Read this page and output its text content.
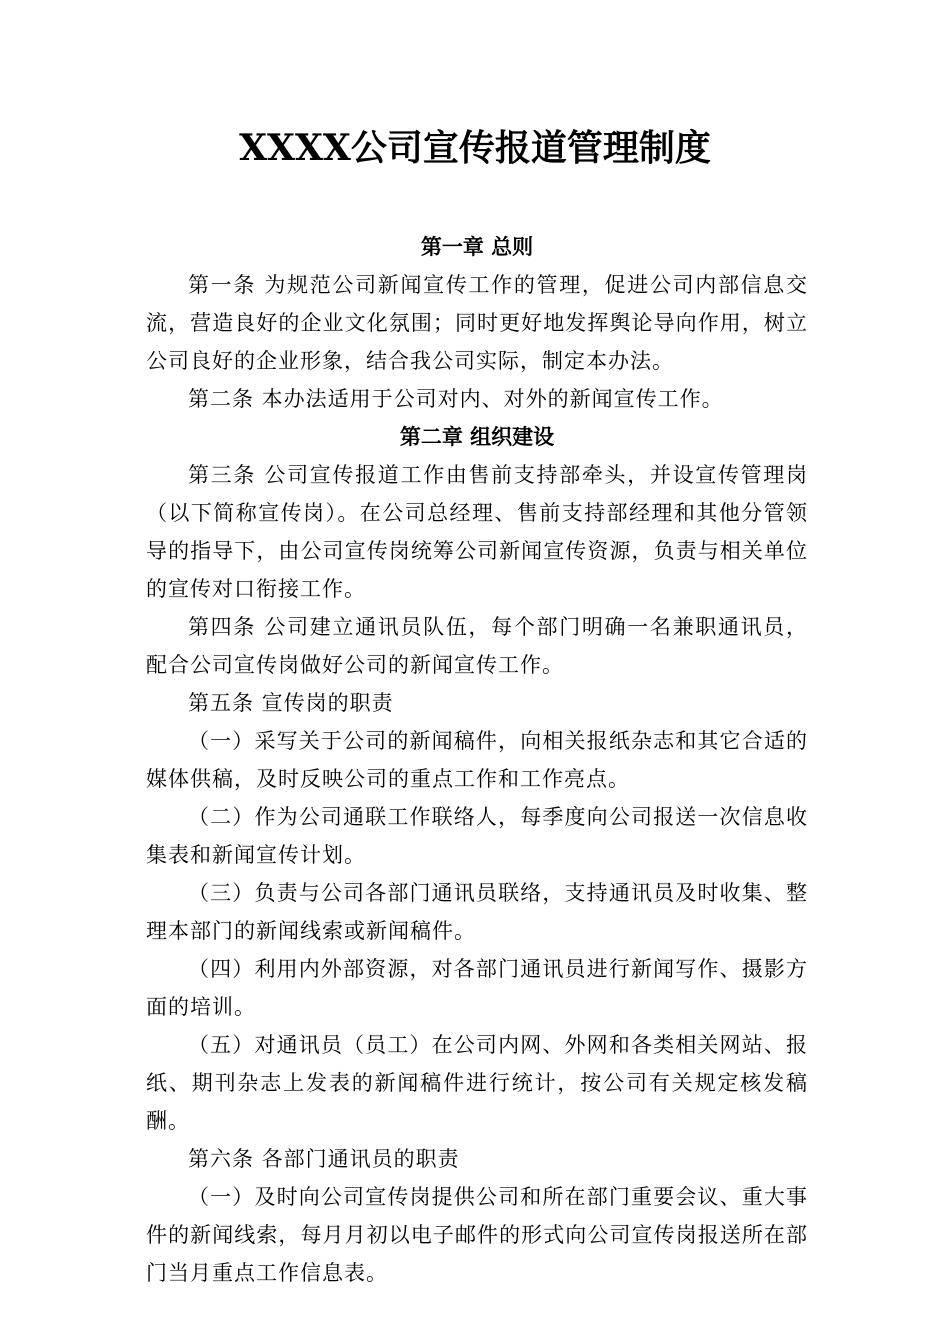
XXXX公司宣传报道管理制度
第一章 总则

第一条 为规范公司新闻宣传工作的管理，促进公司内部信息交流，营造良好的企业文化氛围；同时更好地发挥舆论导向作用，树立公司良好的企业形象，结合我公司实际，制定本办法。

第二条 本办法适用于公司对内、对外的新闻宣传工作。

第二章 组织建设

第三条 公司宣传报道工作由售前支持部牵头，并设宣传管理岗（以下简称宣传岗）。在公司总经理、售前支持部经理和其他分管领导的指导下，由公司宣传岗统筹公司新闻宣传资源，负责与相关单位的宣传对口衔接工作。

第四条 公司建立通讯员队伍，每个部门明确一名兼职通讯员，配合公司宣传岗做好公司的新闻宣传工作。

第五条 宣传岗的职责

（一）采写关于公司的新闻稿件，向相关报纸杂志和其它合适的媒体供稿，及时反映公司的重点工作和工作亮点。

（二）作为公司通联工作联络人，每季度向公司报送一次信息收集表和新闻宣传计划。

（三）负责与公司各部门通讯员联络，支持通讯员及时收集、整理本部门的新闻线索或新闻稿件。

（四）利用内外部资源，对各部门通讯员进行新闻写作、摄影方面的培训。

（五）对通讯员（员工）在公司内网、外网和各类相关网站、报纸、期刊杂志上发表的新闻稿件进行统计，按公司有关规定核发稿酬。

第六条 各部门通讯员的职责

（一）及时向公司宣传岗提供公司和所在部门重要会议、重大事件的新闻线索，每月月初以电子邮件的形式向公司宣传岗报送所在部门当月重点工作信息表。
